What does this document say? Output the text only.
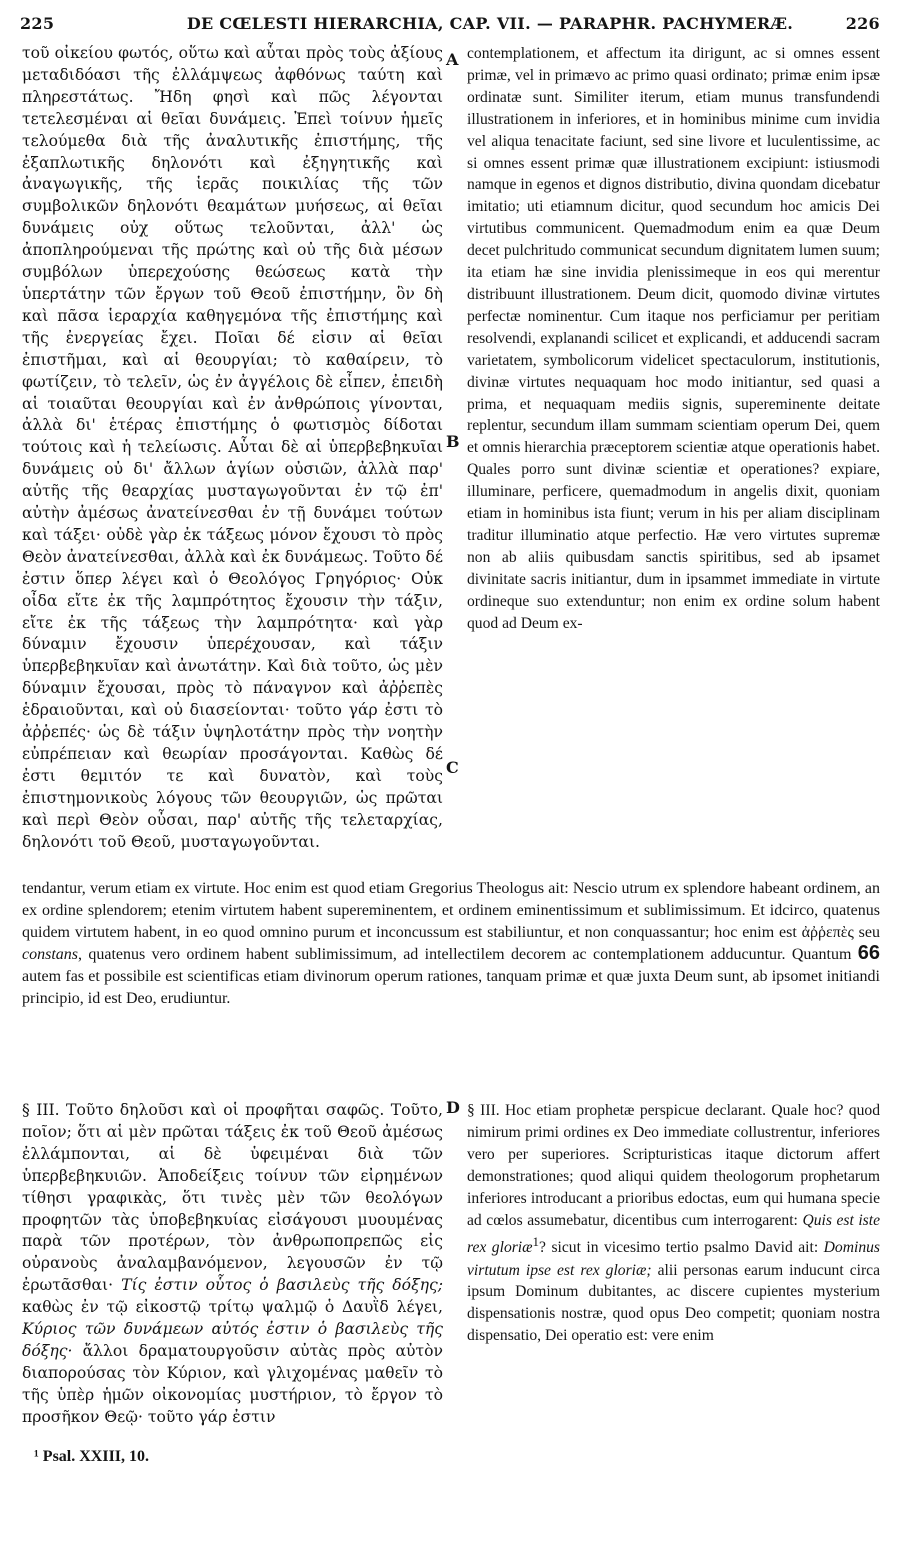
225	DE CŒLESTI HIERARCHIA, CAP. VII. — PARAPHR. PACHYMERÆ.	226
τοῦ οἰκείου φωτός, οὕτω καὶ αὗται πρὸς τοὺς ἀξίους μεταδιδόασι τῆς ἐλλάμψεως ἀφθόνως ταύτη καὶ πληρεστάτως. Ἤδη φησὶ καὶ πῶς λέγονται τετελεσμέναι αἱ θεῖαι δυνάμεις. Ἐπεὶ τοίνυν ἡμεῖς τελούμεθα διὰ τῆς ἀναλυτικῆς ἐπιστήμης, τῆς ἐξαπλωτικῆς δηλονότι καὶ ἐξηγητικῆς καὶ ἀναγωγικῆς, τῆς ἱερᾶς ποικιλίας τῆς τῶν συμβολικῶν δηλονότι θεαμάτων μυήσεως, αἱ θεῖαι δυνάμεις οὐχ οὕτως τελοῦνται, ἀλλ' ὡς ἀποπληρούμεναι τῆς πρώτης καὶ οὐ τῆς διὰ μέσων συμβόλων ὑπερεχούσης θεώσεως κατὰ τὴν ὑπερτάτην τῶν ἔργων τοῦ Θεοῦ ἐπιστήμην, ὃν δὴ καὶ πᾶσα ἱεραρχία καθηγεμόνα τῆς ἐπιστήμης καὶ τῆς ἐνεργείας ἔχει. Ποῖαι δέ εἰσιν αἱ θεῖαι ἐπιστῆμαι, καὶ αἱ θεουργίαι; τὸ καθαίρειν, τὸ φωτίζειν, τὸ τελεῖν, ὡς ἐν ἀγγέλοις δὲ εἶπεν, ἐπειδὴ αἱ τοιαῦται θεουργίαι καὶ ἐν ἀνθρώποις γίνονται, ἀλλὰ δι' ἑτέρας ἐπιστήμης ὁ φωτισμὸς δίδοται τούτοις καὶ ἡ τελείωσις. Αὗται δὲ αἱ ὑπερβεβηκυῖαι δυνάμεις οὐ δι' ἄλλων ἁγίων οὐσιῶν, ἀλλὰ παρ' αὐτῆς τῆς θεαρχίας μυσταγωγοῦνται ἐν τῷ ἐπ' αὐτὴν ἀμέσως ἀνατείνεσθαι ἐν τῇ δυνάμει τούτων καὶ τάξει· οὐδὲ γὰρ ἐκ τάξεως μόνον ἔχουσι τὸ πρὸς Θεὸν ἀνατείνεσθαι, ἀλλὰ καὶ ἐκ δυνάμεως. Τοῦτο δέ ἐστιν ὅπερ λέγει καὶ ὁ Θεολόγος Γρηγόριος· Οὐκ οἶδα εἴτε ἐκ τῆς λαμπρότητος ἔχουσιν τὴν τάξιν, εἴτε ἐκ τῆς τάξεως τὴν λαμπρότητα· καὶ γὰρ δύναμιν ἔχουσιν ὑπερέχουσαν, καὶ τάξιν ὑπερβεβηκυῖαν καὶ ἀνωτάτην. Καὶ διὰ τοῦτο, ὡς μὲν δύναμιν ἔχουσαι, πρὸς τὸ πάναγνον καὶ ἀῤῥεπὲς ἑδραιοῦνται, καὶ οὐ διασείονται· τοῦτο γάρ ἐστι τὸ ἀῤῥεπές· ὡς δὲ τάξιν ὑψηλοτάτην πρὸς τὴν νοητὴν εὐπρέπειαν καὶ θεωρίαν προσάγονται. Καθὼς δέ ἐστι θεμιτόν τε καὶ δυνατὸν, καὶ τοὺς ἐπιστημονικοὺς λόγους τῶν θεουργιῶν, ὡς πρῶται καὶ περὶ Θεὸν οὖσαι, παρ' αὐτῆς τῆς τελεταρχίας, δηλονότι τοῦ Θεοῦ, μυσταγωγοῦνται.
contemplationem, et affectum ita dirigunt, ac si omnes essent primæ, vel in primævo ac primo quasi ordinato; primæ enim ipsæ ordinatæ sunt. Similiter iterum, etiam munus transfundendi illustrationem in inferiores, et in hominibus minime cum invidia vel aliqua tenacitate faciunt, sed sine livore et luculentissime, ac si omnes essent primæ quæ illustrationem excipiunt: istiusmodi namque in egenos et dignos distributio, divina quondam dicebatur imitatio; uti etiamnum dicitur, quod secundum hoc amicis Dei virtutibus communicent. Quemadmodum enim ea quæ Deum decet pulchritudo communicat secundum dignitatem lumen suum; ita etiam hæ sine invidia plenissimeque in eos qui merentur distribuunt illustrationem. Deum dicit, quomodo divinæ virtutes perfectæ nominentur. Cum itaque nos perficiamur per peritiam resolvendi, explanandi scilicet et explicandi, et adducendi sacram varietatem, symbolicorum videlicet spectaculorum, institutionis, divinæ virtutes nequaquam hoc modo initiantur, sed quasi a prima, et nequaquam mediis signis, supereminente deitate replentur, secundum illam summam scientiam operum Dei, quem et omnis hierarchia præceptorem scientiæ atque operationis habet. Quales porro sunt divinæ scientiæ et operationes? expiare, illuminare, perficere, quemadmodum in angelis dixit, quoniam etiam in hominibus ista fiunt; verum in his per aliam disciplinam traditur illuminatio atque perfectio. Hæ vero virtutes supremæ non ab aliis quibusdam sanctis spiritibus, sed ab ipsamet divinitate sacris initiantur, dum in ipsammet immediate in virtute ordineque suo extenduntur; non enim ex ordine solum habent quod ad Deum ex-
A
B
C
D
tendantur, verum etiam ex virtute. Hoc enim est quod etiam Gregorius Theologus ait: Nescio utrum ex splendore habeant ordinem, an ex ordine splendorem; etenim virtutem habent supereminentem, et ordinem eminentissimum et sublimissimum. Et idcirco, quatenus quidem virtutem habent, in eo quod omnino purum et inconcussum est stabiliuntur, et non conquassantur; hoc enim est ἀῤῥεπὲς seu constans, quatenus vero ordinem habent sublimissimum, ad intellectilem decorem ac contemplationem adducuntur. Quantum 66 autem fas et possibile est scientificas etiam divinorum operum rationes, tanquam primæ et quæ juxta Deum sunt, ab ipsomet initiandi principio, id est Deo, erudiuntur.
§ III. Τοῦτο δηλοῦσι καὶ οἱ προφῆται σαφῶς. Τοῦτο, ποῖον; ὅτι αἱ μὲν πρῶται τάξεις ἐκ τοῦ Θεοῦ ἀμέσως ἐλλάμπονται, αἱ δὲ ὑφειμέναι διὰ τῶν ὑπερβεβηκυιῶν. Ἀποδείξεις τοίνυν τῶν εἰρημένων τίθησι γραφικὰς, ὅτι τινὲς μὲν τῶν θεολόγων προφητῶν τὰς ὑποβεβηκυίας εἰσάγουσι μυουμένας παρὰ τῶν προτέρων, τὸν ἀνθρωποπρεπῶς εἰς οὐρανοὺς ἀναλαμβανόμενον, λεγουσῶν ἐν τῷ ἐρωτᾶσθαι· Τίς ἐστιν οὗτος ὁ βασιλεὺς τῆς δόξης; καθὼς ἐν τῷ εἰκοστῷ τρίτῳ ψαλμῷ ὁ Δαυῒδ λέγει, Κύριος τῶν δυνάμεων αὐτός ἐστιν ὁ βασιλεὺς τῆς δόξης· ἄλλοι δραματουργοῦσιν αὐτὰς πρὸς αὐτὸν διαπορούσας τὸν Κύριον, καὶ γλιχομένας μαθεῖν τὸ τῆς ὑπὲρ ἡμῶν οἰκονομίας μυστήριον, τὸ ἔργον τὸ προσῆκον Θεῷ· τοῦτο γάρ ἐστιν
§ III. Hoc etiam prophetæ perspicue declarant. Quale hoc? quod nimirum primi ordines ex Deo immediate collustrentur, inferiores vero per superiores. Scripturisticas itaque dictorum affert demonstrationes; quod aliqui quidem theologorum prophetarum inferiores introducant a prioribus edoctas, eum qui humana specie ad cœlos assumebatur, dicentibus cum interrogarent: Quis est iste rex gloriæ$^1$? sicut in vicesimo tertio psalmo David ait: Dominus virtutum ipse est rex gloriæ; alii personas earum inducunt circa ipsum Dominum dubitantes, ac discere cupientes mysterium dispensationis nostræ, quod opus Deo competit; quoniam nostra dispensatio, Dei operatio est: vere enim
¹ Psal. XXIII, 10.
